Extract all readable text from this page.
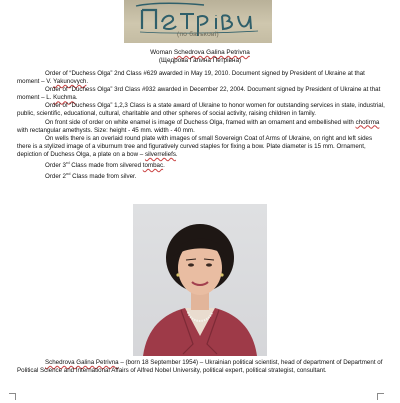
(по батькові)
Woman Schedrova Galina Petrivna
(Щедрова Галина Петрівна)

Order of “Duchess Olga” 2nd Class #629 awarded in May 19, 2010. Document signed by President of Ukraine at that moment – V. Yakunovych.

Order of “Duchess Olga” 3rd Class #932 awarded in December 22, 2004. Document signed by President of Ukraine at that moment – L. Kuchma.

Order of “Duchess Olga” 1,2,3 Class is a state award of Ukraine to honor women for outstanding services in state, industrial, public, scientific, educational, cultural, charitable and other spheres of social activity, raising children in family.

On front side of order on white enamel is image of Duchess Olga, framed with an ornament and embellished with chotirma with rectangular amethysts. Size: height - 45 mm. width - 40 mm.

On wells there is an overlaid round plate with images of small Sovereign Coat of Arms of Ukraine, on right and left sides there is a stylized image of a viburnum tree and figuratively curved staples for fixing a bow. Plate diameter is 15 mm. Ornament, depiction of Duchess Olga, a plate on a bow – silverreliefs.

Order 3rd Class made from silvered tombac.

Order 2nd Class made from silver.

Schedrova Galina Petrivna – (born 18 September 1954) – Ukrainian political scientist, head of department of Department of Political Science and International Affairs of Alfred Nobel University, political expert, political strategist, consultant.
